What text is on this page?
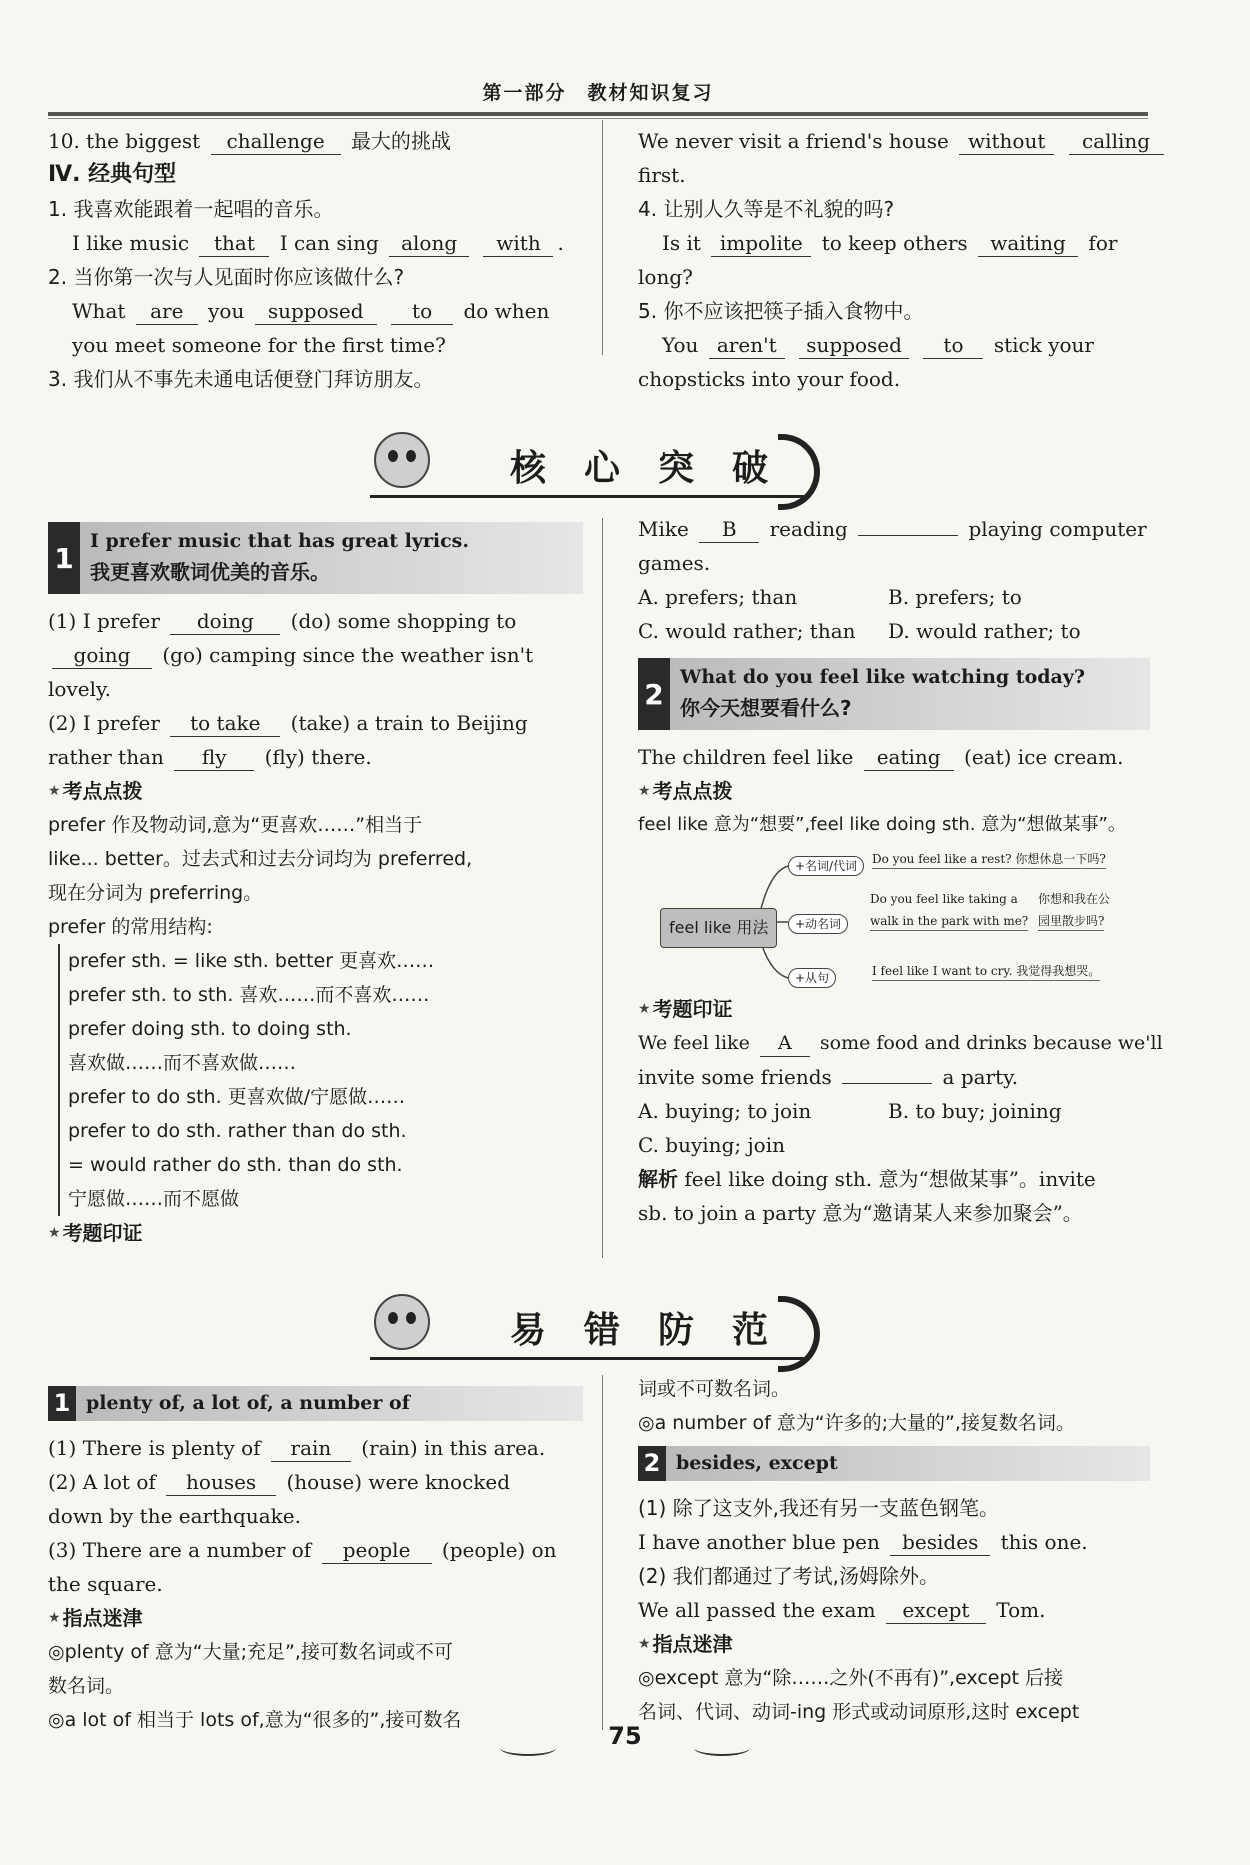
第一部分　教材知识复习
10. the biggest challenge 最大的挑战
Ⅳ. 经典句型
1. 我喜欢能跟着一起唱的音乐。
I like music that I can sing along with .
2. 当你第一次与人见面时你应该做什么?
What are you supposed to do when
you meet someone for the first time?
3. 我们从不事先未通电话便登门拜访朋友。
We never visit a friend's house without calling
first.
4. 让别人久等是不礼貌的吗?
Is it impolite to keep others waiting for
long?
5. 你不应该把筷子插入食物中。
You aren't supposed to stick your
chopsticks into your food.
核心突破
1
I prefer music that has great lyrics.
我更喜欢歌词优美的音乐。
(1) I prefer doing (do) some shopping to
going (go) camping since the weather isn't
lovely.
(2) I prefer to take (take) a train to Beijing
rather than fly (fly) there.
★ 考点点拨
prefer 作及物动词,意为“更喜欢……”相当于
like... better。过去式和过去分词均为 preferred,
现在分词为 preferring。
prefer 的常用结构:
prefer sth. = like sth. better 更喜欢……
prefer sth. to sth. 喜欢……而不喜欢……
prefer doing sth. to doing sth.
喜欢做……而不喜欢做……
prefer to do sth. 更喜欢做/宁愿做……
prefer to do sth. rather than do sth.
= would rather do sth. than do sth.
宁愿做……而不愿做
★ 考题印证
Mike B reading	playing computer
games.
A. prefers; than	B. prefers; to
C. would rather; than D. would rather; to
2
What do you feel like watching today?
你今天想要看什么?
The children feel like eating (eat) ice cream.
★ 考点点拨
feel like 意为“想要”,feel like doing sth. 意为“想做某事”。
feel like 用法
+名词/代词	Do you feel like a rest? 你想休息一下吗?
+动名词
Do you feel like taking a
walk in the park with me?
你想和我在公
园里散步吗?
+从句	I feel like I want to cry. 我觉得我想哭。
★ 考题印证
We feel like A some food and drinks because we'll
invite some friends	a party.
A. buying; to join	B. to buy; joining
C. buying; join
解析 feel like doing sth. 意为“想做某事”。invite
sb. to join a party 意为“邀请某人来参加聚会”。
易错防范
1 plenty of, a lot of, a number of
(1) There is plenty of rain (rain) in this area.
(2) A lot of houses (house) were knocked
down by the earthquake.
(3) There are a number of people (people) on
the square.
★ 指点迷津
◎plenty of 意为“大量;充足”,接可数名词或不可
数名词。
◎a lot of 相当于 lots of,意为“很多的”,接可数名
词或不可数名词。
◎a number of 意为“许多的;大量的”,接复数名词。
2 besides, except
(1) 除了这支外,我还有另一支蓝色钢笔。
I have another blue pen besides this one.
(2) 我们都通过了考试,汤姆除外。
We all passed the exam except Tom.
★ 指点迷津
◎except 意为“除……之外(不再有)”,except 后接
名词、代词、动词-ing 形式或动词原形,这时 except
75
